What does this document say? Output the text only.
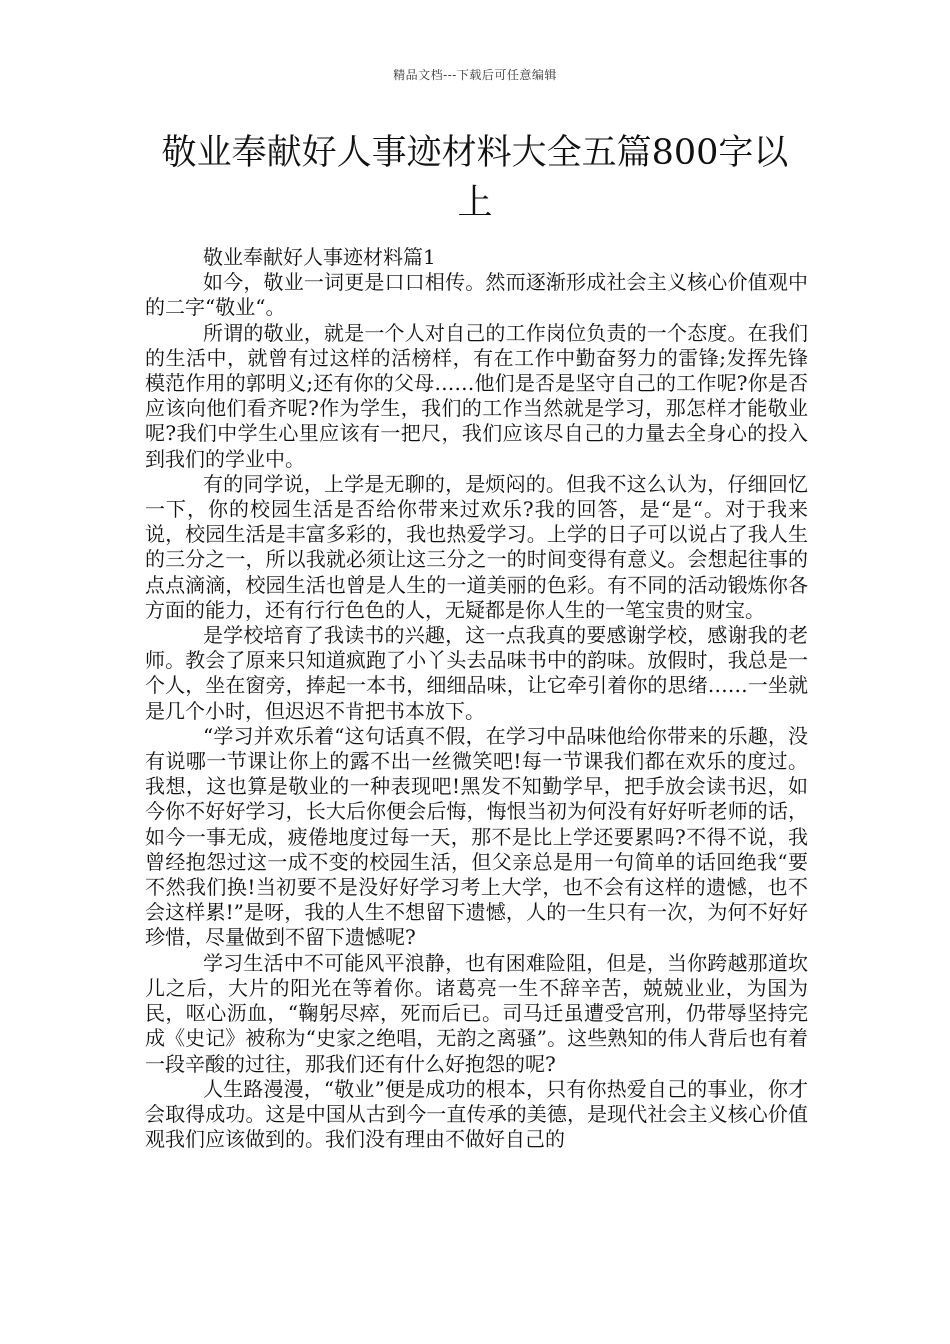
精品文档---下载后可任意编辑
敬业奉献好人事迹材料大全五篇800字以上

敬业奉献好人事迹材料篇1

如今，敬业一词更是口口相传。然而逐渐形成社会主义核心价值观中的二字“敬业“。

所谓的敬业，就是一个人对自己的工作岗位负责的一个态度。在我们的生活中，就曾有过这样的活榜样，有在工作中勤奋努力的雷锋;发挥先锋模范作用的郭明义;还有你的父母……他们是否是坚守自己的工作呢?你是否应该向他们看齐呢?作为学生，我们的工作当然就是学习，那怎样才能敬业呢?我们中学生心里应该有一把尺，我们应该尽自己的力量去全身心的投入到我们的学业中。

有的同学说，上学是无聊的，是烦闷的。但我不这么认为，仔细回忆一下，你的校园生活是否给你带来过欢乐?我的回答，是“是“。对于我来说，校园生活是丰富多彩的，我也热爱学习。上学的日子可以说占了我人生的三分之一，所以我就必须让这三分之一的时间变得有意义。会想起往事的点点滴滴，校园生活也曾是人生的一道美丽的色彩。有不同的活动锻炼你各方面的能力，还有行行色色的人，无疑都是你人生的一笔宝贵的财宝。

是学校培育了我读书的兴趣，这一点我真的要感谢学校，感谢我的老师。教会了原来只知道疯跑了小丫头去品味书中的韵味。放假时，我总是一个人，坐在窗旁，捧起一本书，细细品味，让它牵引着你的思绪……一坐就是几个小时，但迟迟不肯把书本放下。

“学习并欢乐着“这句话真不假，在学习中品味他给你带来的乐趣，没有说哪一节课让你上的露不出一丝微笑吧!每一节课我们都在欢乐的度过。我想，这也算是敬业的一种表现吧!黑发不知勤学早，把手放会读书迟，如今你不好好学习，长大后你便会后悔，悔恨当初为何没有好好听老师的话，如今一事无成，疲倦地度过每一天，那不是比上学还要累吗?不得不说，我曾经抱怨过这一成不变的校园生活，但父亲总是用一句简单的话回绝我“要不然我们换!当初要不是没好好学习考上大学，也不会有这样的遗憾，也不会这样累!”是呀，我的人生不想留下遗憾，人的一生只有一次，为何不好好珍惜，尽量做到不留下遗憾呢?

学习生活中不可能风平浪静，也有困难险阻，但是，当你跨越那道坎儿之后，大片的阳光在等着你。诸葛亮一生不辞辛苦，兢兢业业，为国为民，呕心沥血，“鞠躬尽瘁，死而后已。司马迁虽遭受宫刑，仍带辱坚持完成《史记》被称为“史家之绝唱，无韵之离骚”。这些熟知的伟人背后也有着一段辛酸的过往，那我们还有什么好抱怨的呢?

人生路漫漫，“敬业”便是成功的根本，只有你热爱自己的事业，你才会取得成功。这是中国从古到今一直传承的美德，是现代社会主义核心价值观我们应该做到的。我们没有理由不做好自己的
